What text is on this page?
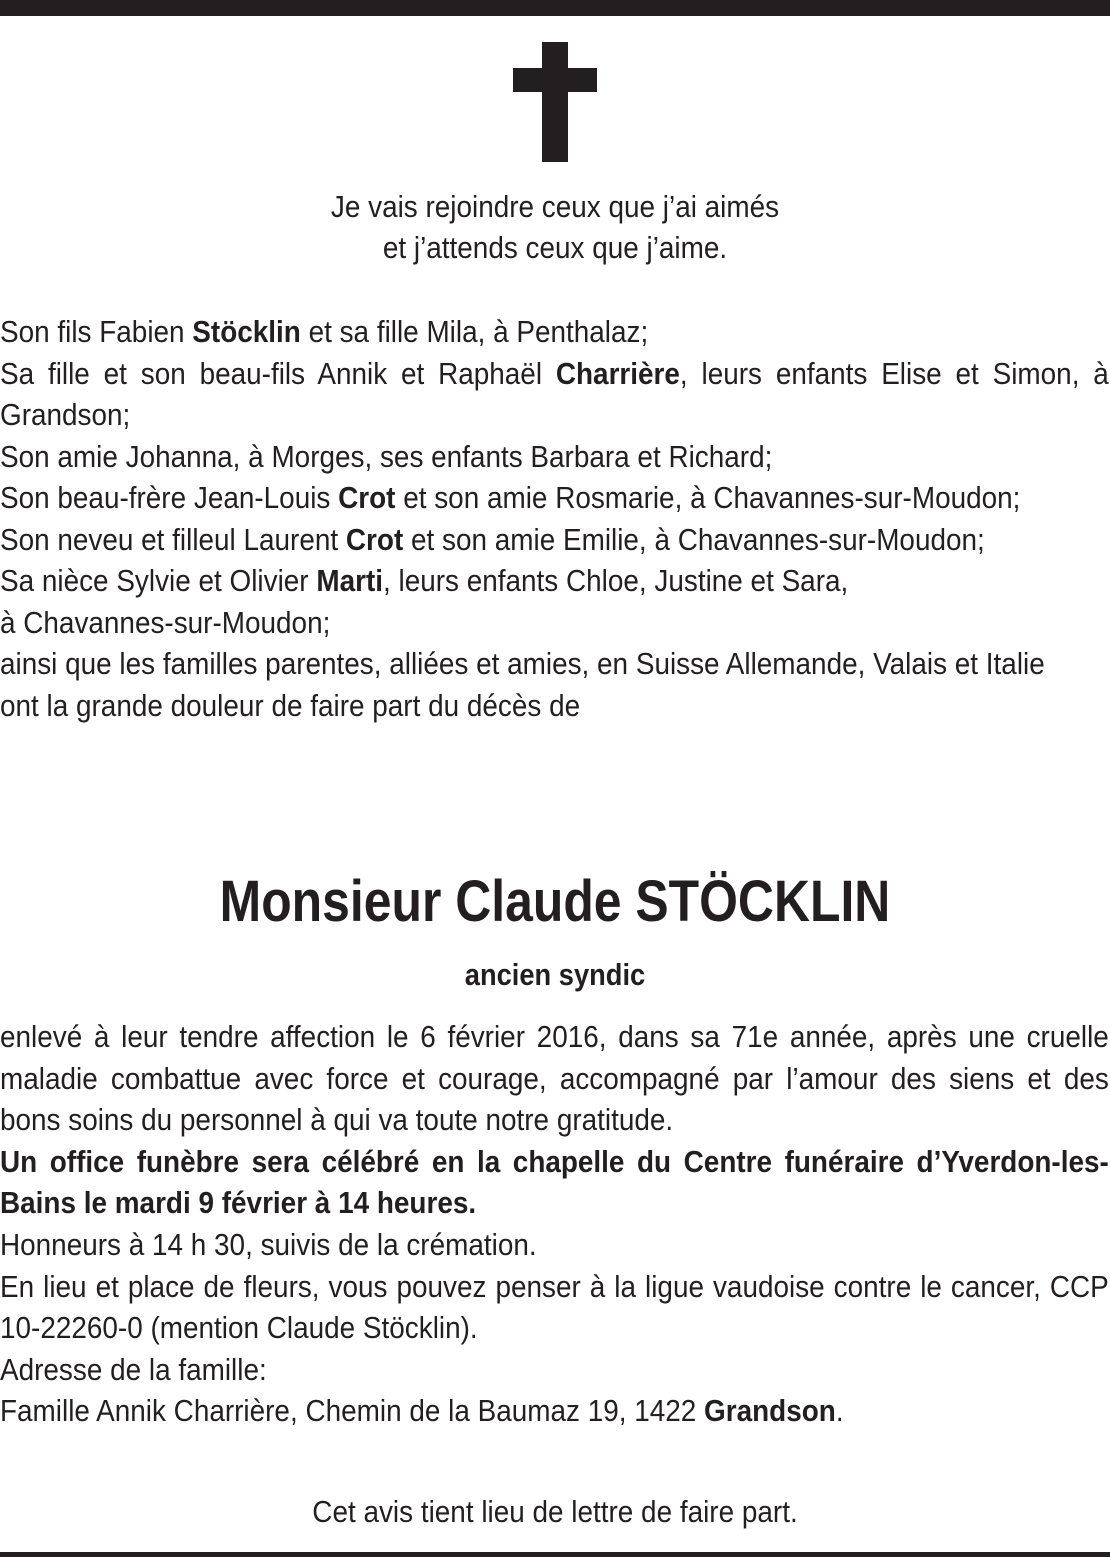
Je vais rejoindre ceux que j’ai aimés
et j’attends ceux que j’aime.

Son fils Fabien Stöcklin et sa fille Mila, à Penthalaz;

Sa fille et son beau-fils Annik et Raphaël Charrière, leurs enfants Elise et Simon, à Grandson;

Son amie Johanna, à Morges, ses enfants Barbara et Richard;

Son beau-frère Jean-Louis Crot et son amie Rosmarie, à Chavannes-sur-Moudon;

Son neveu et filleul Laurent Crot et son amie Emilie, à Chavannes-sur-Moudon;

Sa nièce Sylvie et Olivier Marti, leurs enfants Chloe, Justine et Sara,
à Chavannes-sur-Moudon;

ainsi que les familles parentes, alliées et amies, en Suisse Allemande, Valais et Italie

ont la grande douleur de faire part du décès de

Monsieur Claude STÖCKLIN
ancien syndic

enlevé à leur tendre affection le 6 février 2016, dans sa 71e année, après une cruelle maladie combattue avec force et courage, accompagné par l’amour des siens et des bons soins du personnel à qui va toute notre gratitude.

Un office funèbre sera célébré en la chapelle du Centre funéraire d’Yverdon-les-Bains le mardi 9 février à 14 heures.

Honneurs à 14 h 30, suivis de la crémation.

En lieu et place de fleurs, vous pouvez penser à la ligue vaudoise contre le cancer, CCP 10-22260-0 (mention Claude Stöcklin).

Adresse de la famille:

Famille Annik Charrière, Chemin de la Baumaz 19, 1422 Grandson.

Cet avis tient lieu de lettre de faire part.
